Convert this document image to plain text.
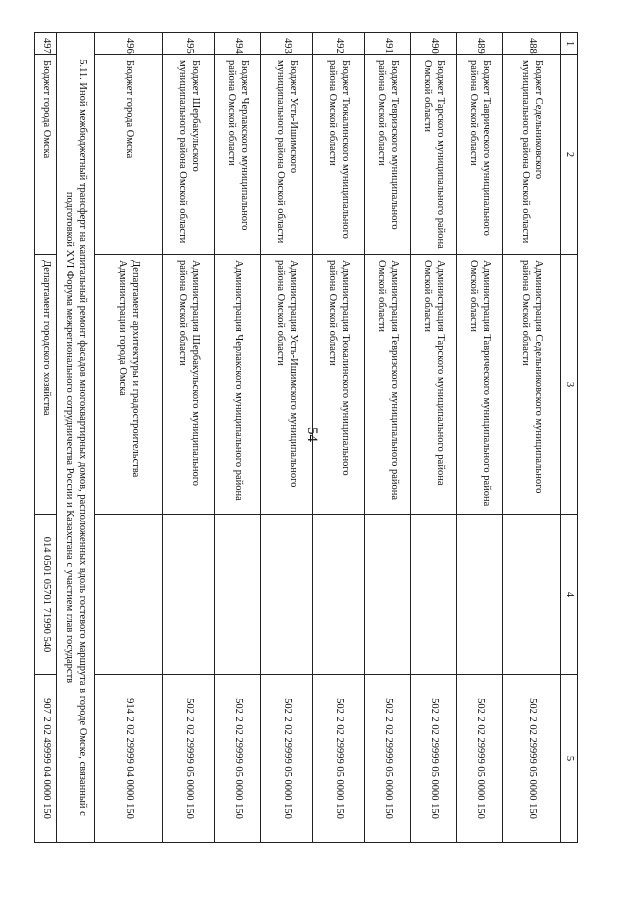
54
1	2	3	4	5
488	Бюджет Седельниковского муниципального района Омской области	Администрация Седельниковского муниципального района Омской области		502 2 02 29999 05 0000 150
489	Бюджет Таврического муниципального района Омской области	Администрация Таврического муниципального района Омской области		502 2 02 29999 05 0000 150
490	Бюджет Тарского муниципального района Омской области	Администрация Тарского муниципального района Омской области		502 2 02 29999 05 0000 150
491	Бюджет Тевризского муниципального района Омской области	Администрация Тевризского муниципального района Омской области		502 2 02 29999 05 0000 150
492	Бюджет Тюкалинского муниципального района Омской области	Администрация Тюкалинского муниципального района Омской области		502 2 02 29999 05 0000 150
493	Бюджет Усть-Ишимского муниципального района Омской области	Администрация Усть-Ишимского муниципального района Омской области		502 2 02 29999 05 0000 150
494	Бюджет Черлакского муниципального района Омской области	Администрация Черлакского муниципального района		502 2 02 29999 05 0000 150
495	Бюджет Шербакульского муниципального района Омской области	Администрация Шербакульского муниципального района Омской области		502 2 02 29999 05 0000 150
496	Бюджет города Омска	Департамент архитектуры и градостроительства Администрации города Омска		914 2 02 29999 04 0000 150
5.11. Иной межбюджетный трансферт на капитальный ремонт фасадов многоквартирных домов, расположенных вдоль гостевого маршрута в городе Омске, связанный с подготовкой XVI Форума межрегионального сотрудничества России и Казахстана с участием глав государств				
497	Бюджет города Омска	Департамент городского хозяйства	014 0501 05701 71990 540	907 2 02 49999 04 0000 150
